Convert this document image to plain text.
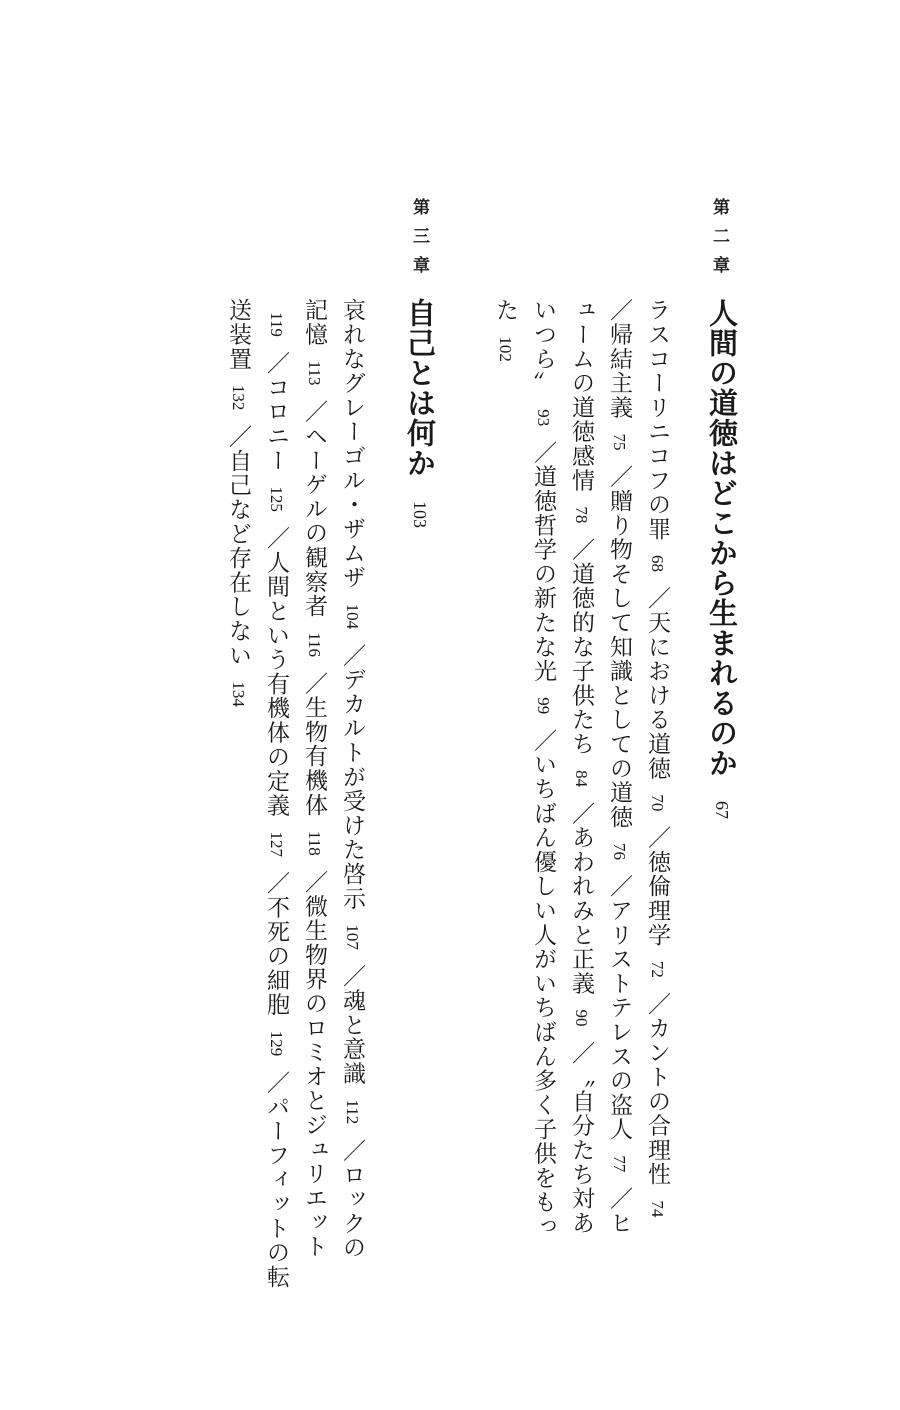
第二章
人間の道徳はどこから生まれるのか 67
ラスコーリニコフの罪68／天における道徳70／徳倫理学72／カントの合理性74
／帰結主義75／贈り物そして知識としての道徳76／アリストテレスの盗人77／ヒ
ュームの道徳感情78／道徳的な子供たち84／あわれみと正義90／〝自分たち対あ
いつら〟93／道徳哲学の新たな光99／いちばん優しい人がいちばん多く子供をもっ
た102
第三章
自己とは何か 103
哀れなグレーゴル・ザムザ104／デカルトが受けた啓示107／魂と意識112／ロックの
記憶113／ヘーゲルの観察者116／生物有機体118／微生物界のロミオとジュリエット
119／コロニー125／人間という有機体の定義127／不死の細胞129／パーフィットの転
送装置132／自己など存在しない134
